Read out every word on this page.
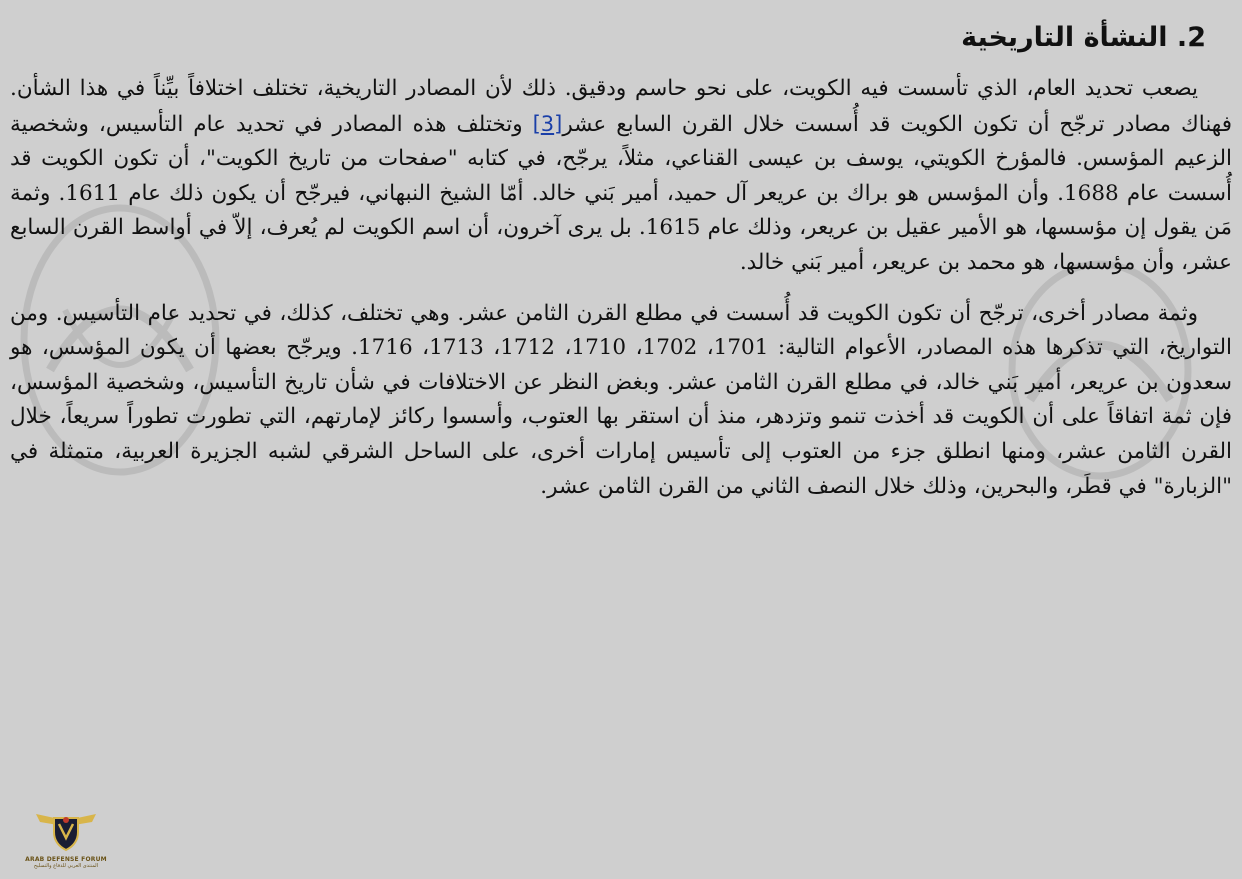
2. النشأة التاريخية

يصعب تحديد العام، الذي تأسست فيه الكويت، على نحو حاسم ودقيق. ذلك لأن المصادر التاريخية، تختلف اختلافاً بيِّناً في هذا الشأن. فهناك مصادر ترجّح أن تكون الكويت قد أُسست خلال القرن السابع عشر[3] وتختلف هذه المصادر في تحديد عام التأسيس، وشخصية الزعيم المؤسس. فالمؤرخ الكويتي، يوسف بن عيسى القناعي، مثلاً، يرجّح، في كتابه "صفحات من تاريخ الكويت"، أن تكون الكويت قد أُسست عام 1688. وأن المؤسس هو براك بن عريعر آل حميد، أمير بَني خالد. أمّا الشيخ النبهاني، فيرجّح أن يكون ذلك عام 1611. وثمة مَن يقول إن مؤسسها، هو الأمير عقيل بن عريعر، وذلك عام 1615. بل يرى آخرون، أن اسم الكويت لم يُعرف، إلاّ في أواسط القرن السابع عشر، وأن مؤسسها، هو محمد بن عريعر، أمير بَني خالد.

وثمة مصادر أخرى، ترجّح أن تكون الكويت قد أُسست في مطلع القرن الثامن عشر. وهي تختلف، كذلك، في تحديد عام التأسيس. ومن التواريخ، التي تذكرها هذه المصادر، الأعوام التالية: 1701، 1702، 1710، 1712، 1713، 1716. ويرجّح بعضها أن يكون المؤسس، هو سعدون بن عريعر، أمير بَني خالد، في مطلع القرن الثامن عشر. وبغض النظر عن الاختلافات في شأن تاريخ التأسيس، وشخصية المؤسس، فإن ثمة اتفاقاً على أن الكويت قد أخذت تنمو وتزدهر، منذ أن استقر بها العتوب، وأسسوا ركائز لإمارتهم، التي تطورت تطوراً سريعاً، خلال القرن الثامن عشر، ومنها انطلق جزء من العتوب إلى تأسيس إمارات أخرى، على الساحل الشرقي لشبه الجزيرة العربية، متمثلة في "الزبارة" في قطَر، والبحرين، وذلك خلال النصف الثاني من القرن الثامن عشر.

ARAB DEFENSE FORUM
المنتدى العربي للدفاع والتسليح
